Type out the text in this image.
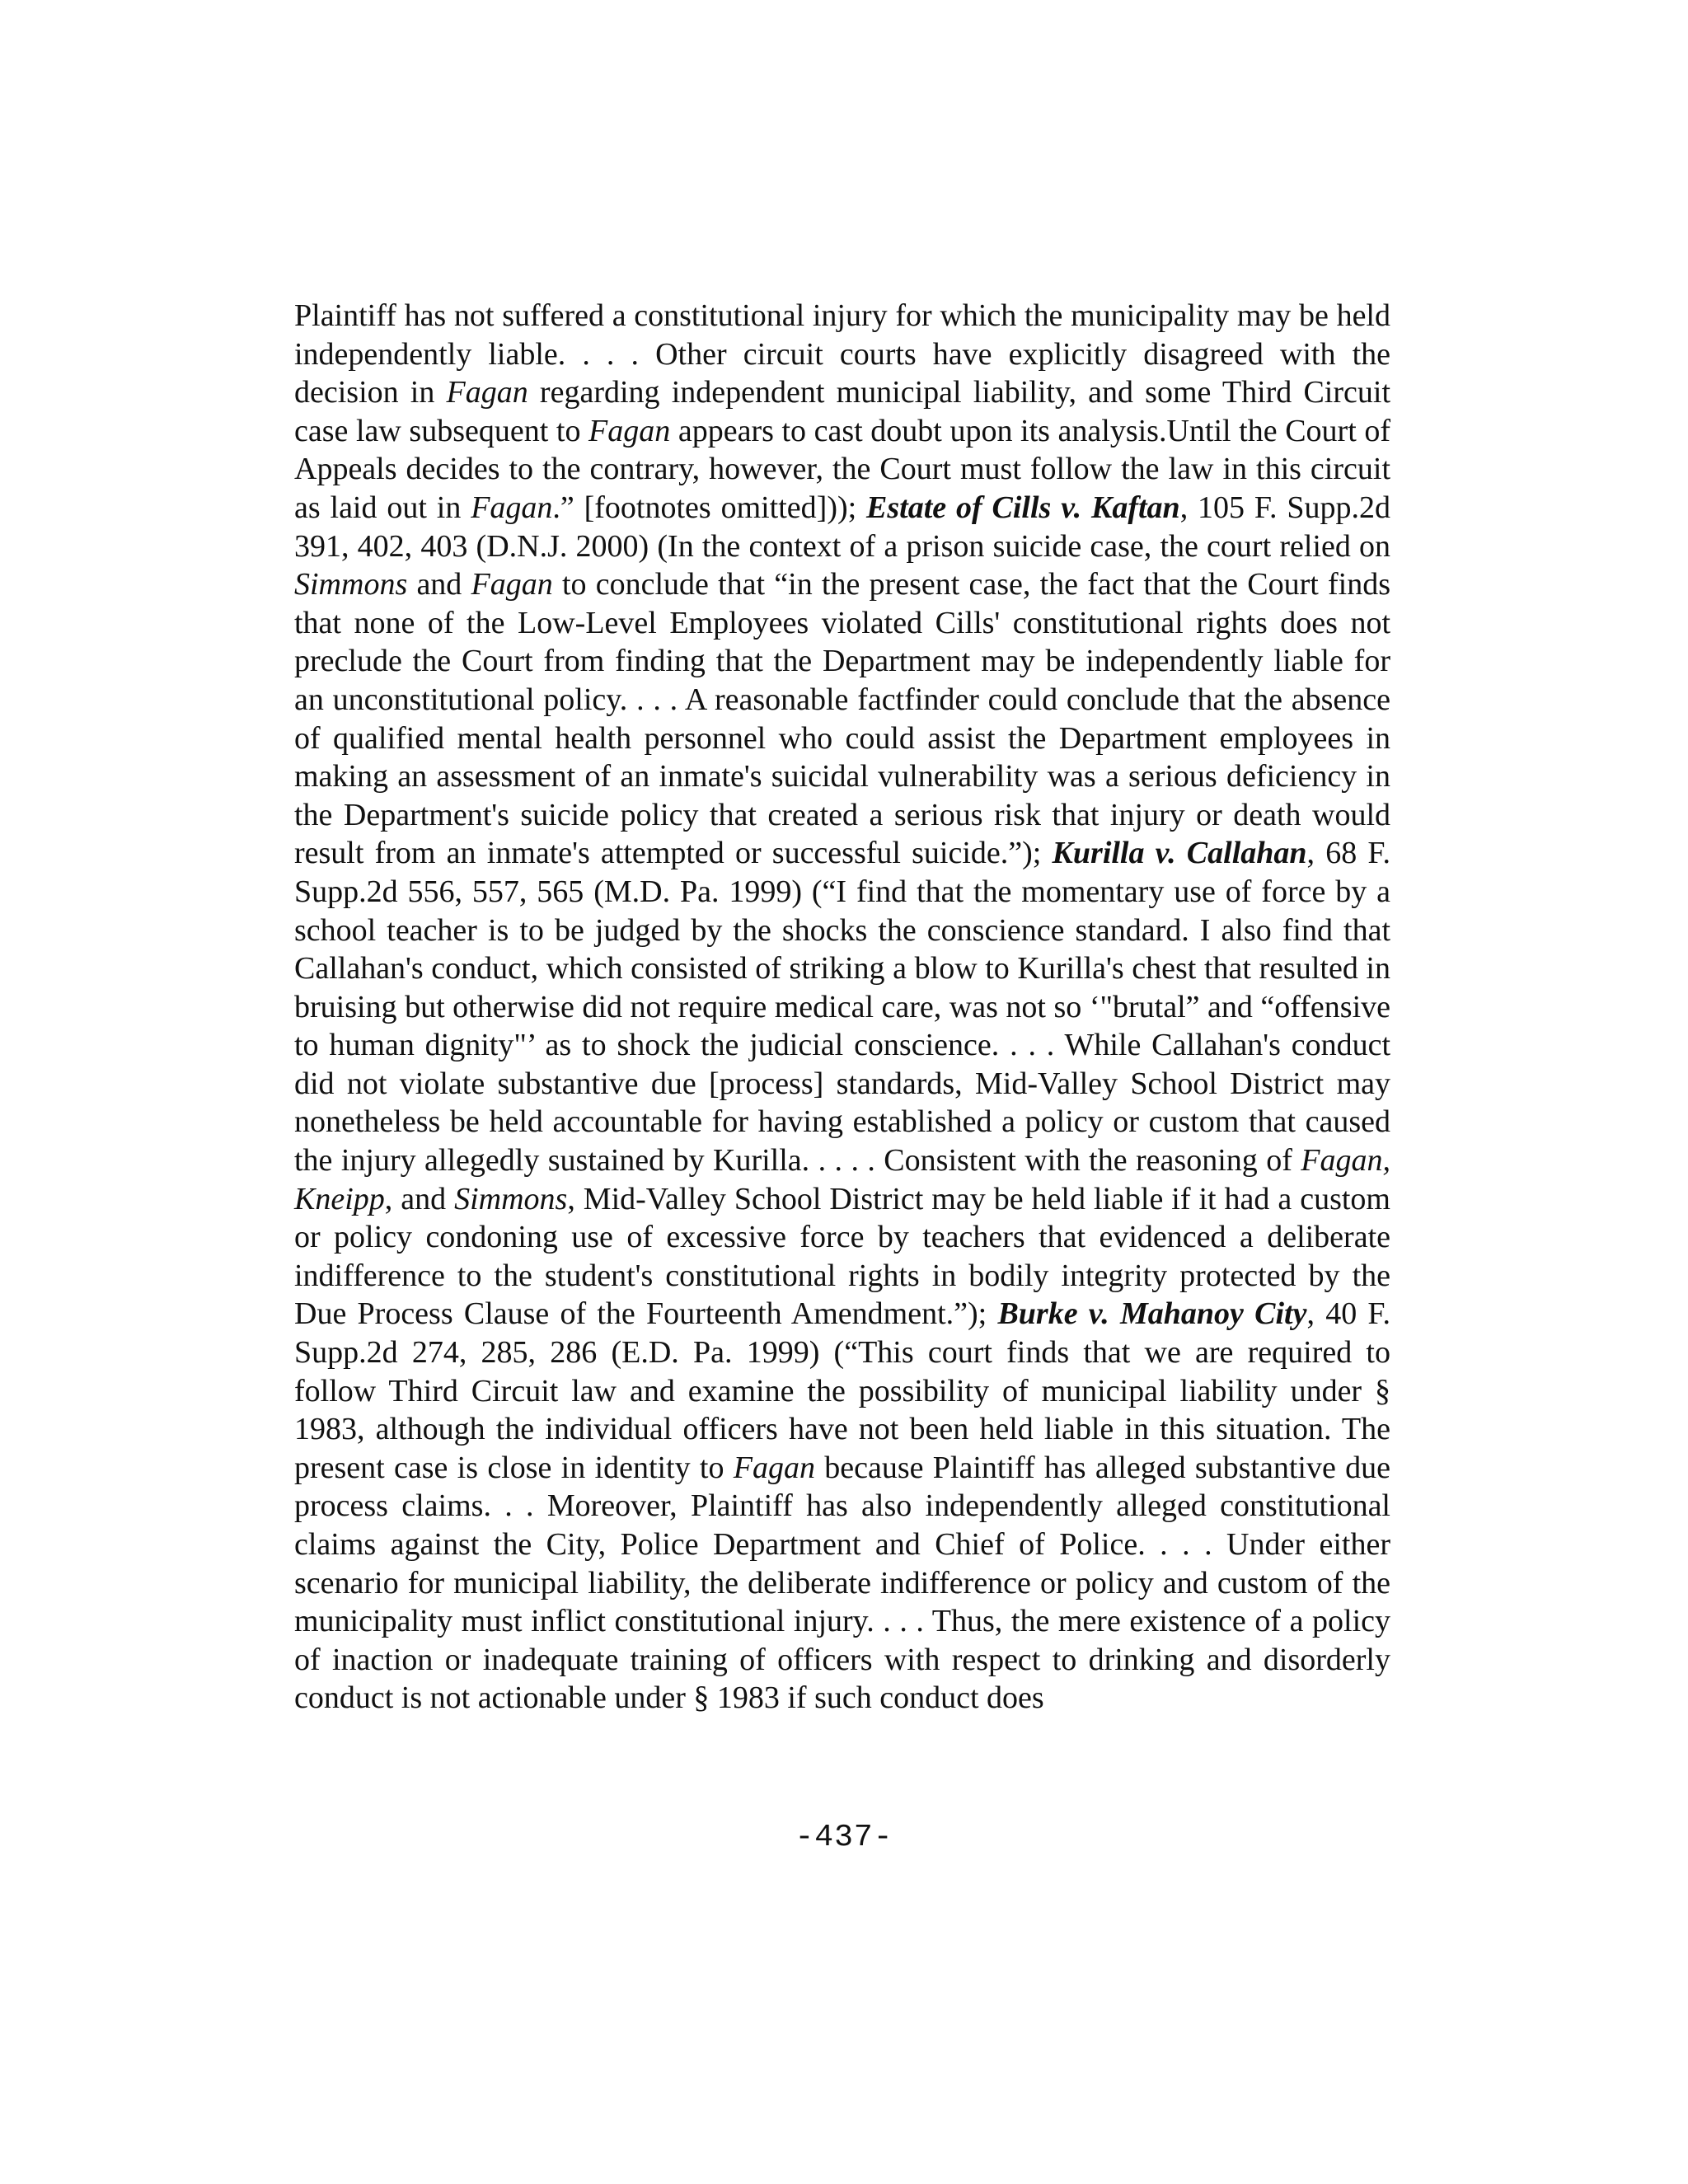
Plaintiff has not suffered a constitutional injury for which the municipality may be held independently liable. . . . Other circuit courts have explicitly disagreed with the decision in Fagan regarding independent municipal liability, and some Third Circuit case law subsequent to Fagan appears to cast doubt upon its analysis.Until the Court of Appeals decides to the contrary, however, the Court must follow the law in this circuit as laid out in Fagan.” [footnotes omitted])); Estate of Cills v. Kaftan, 105 F. Supp.2d 391, 402, 403 (D.N.J. 2000) (In the context of a prison suicide case, the court relied on Simmons and Fagan to conclude that “in the present case, the fact that the Court finds that none of the Low-Level Employees violated Cills' constitutional rights does not preclude the Court from finding that the Department may be independently liable for an unconstitutional policy. . . . A reasonable factfinder could conclude that the absence of qualified mental health personnel who could assist the Department employees in making an assessment of an inmate's suicidal vulnerability was a serious deficiency in the Department's suicide policy that created a serious risk that injury or death would result from an inmate's attempted or successful suicide.”); Kurilla v. Callahan, 68 F. Supp.2d 556, 557, 565 (M.D. Pa. 1999) (“I find that the momentary use of force by a school teacher is to be judged by the shocks the conscience standard. I also find that Callahan's conduct, which consisted of striking a blow to Kurilla's chest that resulted in bruising but otherwise did not require medical care, was not so ‘"brutal” and “offensive to human dignity"’ as to shock the judicial conscience. . . . While Callahan's conduct did not violate substantive due [process] standards, Mid-Valley School District may nonetheless be held accountable for having established a policy or custom that caused the injury allegedly sustained by Kurilla. . . . . Consistent with the reasoning of Fagan, Kneipp, and Simmons, Mid-Valley School District may be held liable if it had a custom or policy condoning use of excessive force by teachers that evidenced a deliberate indifference to the student's constitutional rights in bodily integrity protected by the Due Process Clause of the Fourteenth Amendment.”); Burke v. Mahanoy City, 40 F. Supp.2d 274, 285, 286 (E.D. Pa. 1999) (“This court finds that we are required to follow Third Circuit law and examine the possibility of municipal liability under § 1983, although the individual officers have not been held liable in this situation. The present case is close in identity to Fagan because Plaintiff has alleged substantive due process claims. . . Moreover, Plaintiff has also independently alleged constitutional claims against the City, Police Department and Chief of Police. . . . Under either scenario for municipal liability, the deliberate indifference or policy and custom of the municipality must inflict constitutional injury. . . . Thus, the mere existence of a policy of inaction or inadequate training of officers with respect to drinking and disorderly conduct is not actionable under § 1983 if such conduct does

-437-
